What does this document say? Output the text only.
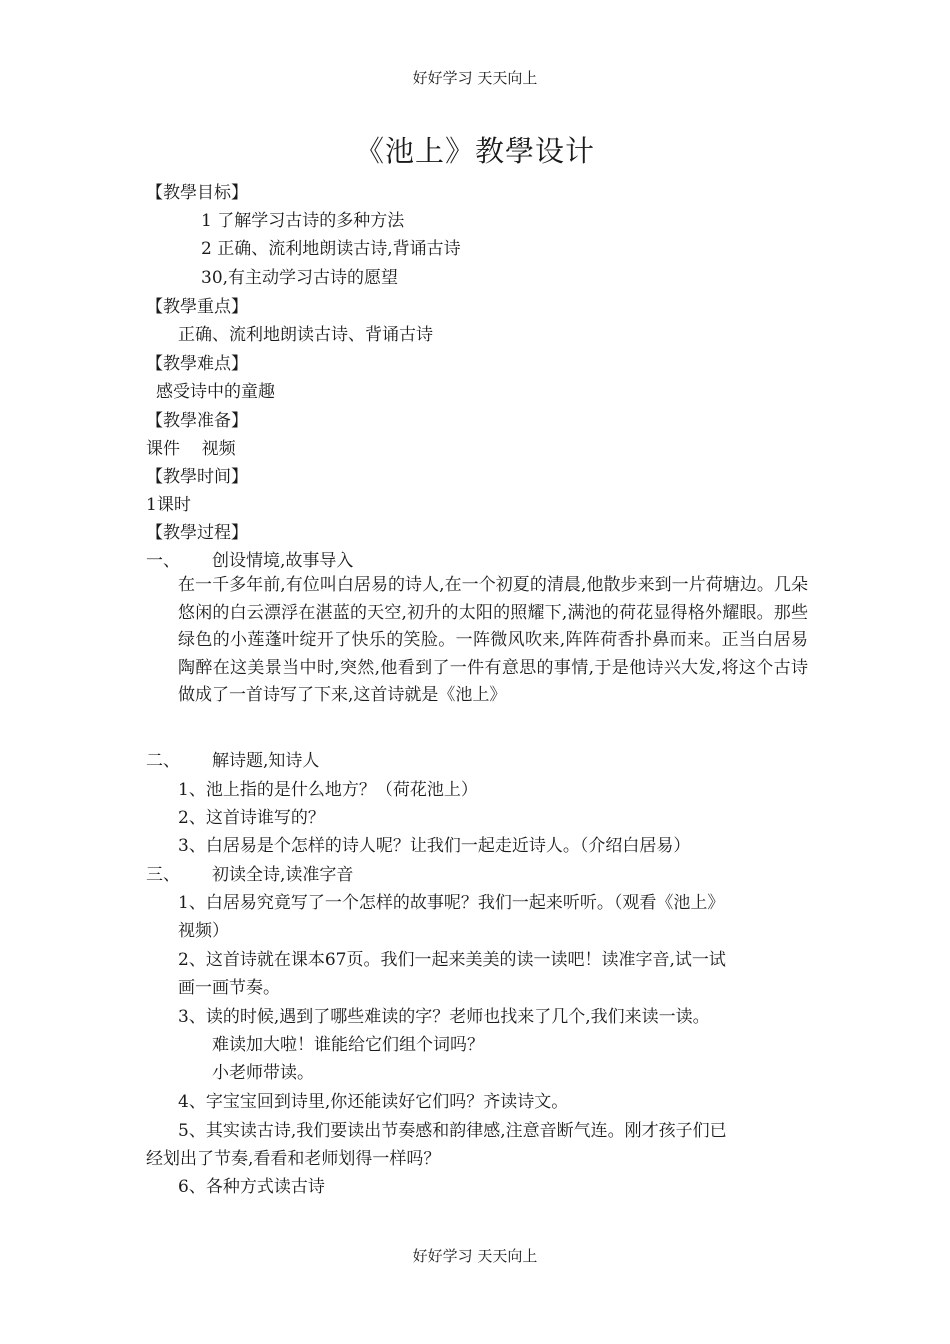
好好学习 天天向上
《池上》教學设计
【教學目标】
1 了解学习古诗的多种方法
2 正确、流利地朗读古诗,背诵古诗
30,有主动学习古诗的愿望
【教學重点】
正确、流利地朗读古诗、背诵古诗
【教學难点】
感受诗中的童趣
【教學准备】
课件    视频
【教學时间】
1课时
【教學过程】
一、 创设情境,故事导入
在一千多年前,有位叫白居易的诗人,在一个初夏的清晨,他散步来到一片荷塘边。几朵悠闲的白云漂浮在湛蓝的天空,初升的太阳的照耀下,满池的荷花显得格外耀眼。那些绿色的小莲蓬叶绽开了快乐的笑脸。一阵微风吹来,阵阵荷香扑鼻而来。正当白居易陶醉在这美景当中时,突然,他看到了一件有意思的事情,于是他诗兴大发,将这个古诗做成了一首诗写了下来,这首诗就是《池上》
二、 解诗题,知诗人
1、池上指的是什么地方？（荷花池上）
2、这首诗谁写的？
3、白居易是个怎样的诗人呢？让我们一起走近诗人。（介绍白居易）
三、 初读全诗,读准字音
1、白居易究竟写了一个怎样的故事呢？我们一起来听听。（观看《池上》
视频）
2、这首诗就在课本67页。我们一起来美美的读一读吧！读准字音,试一试
画一画节奏。
3、读的时候,遇到了哪些难读的字？老师也找来了几个,我们来读一读。
难读加大啦！谁能给它们组个词吗？
小老师带读。
4、字宝宝回到诗里,你还能读好它们吗？齐读诗文。
5、其实读古诗,我们要读出节奏感和韵律感,注意音断气连。刚才孩子们已
经划出了节奏,看看和老师划得一样吗？
6、各种方式读古诗
好好学习 天天向上
